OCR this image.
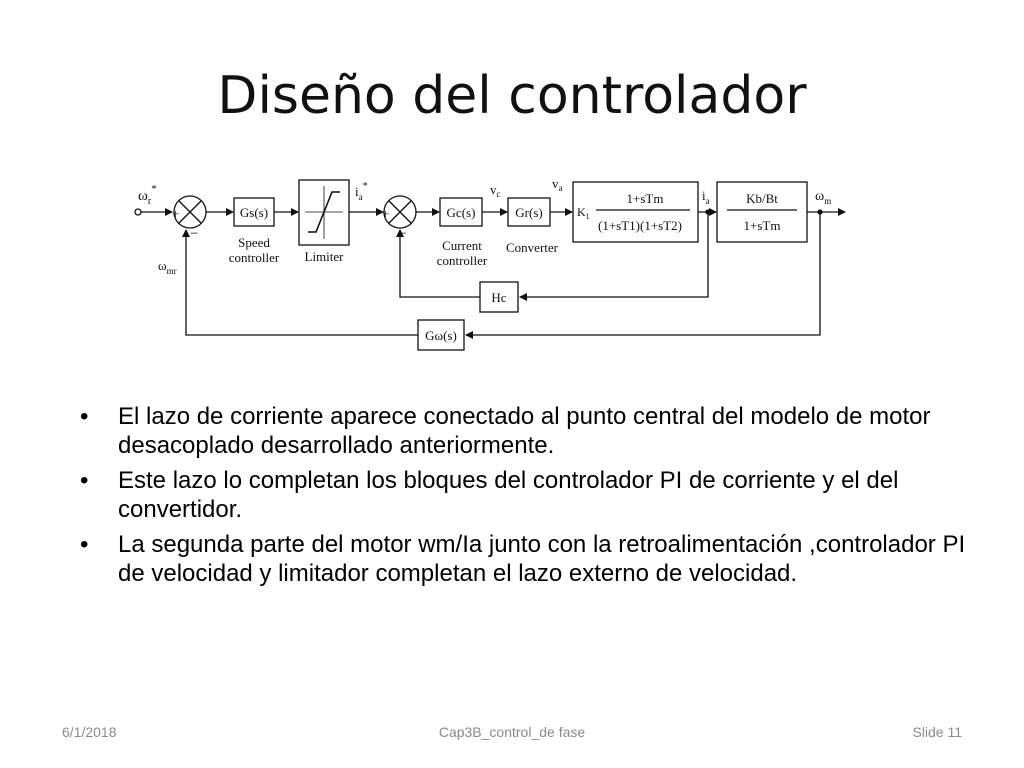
Diseño del controlador
+
−
+
−
$\omega_r^*$
$\omega_{mr}$
Gs(s)
Speed
controller Limiter
$i_a^*$
Gc(s)
Current
controller
$v_c$
$v_a$
Gr(s)
Converter
$K_1$
1+sTm
(1+sT1)(1+sT2)
$i_a$	Kb/Bt
1+sTm
$\omega_m$
Hc
Gω(s)
• El lazo de corriente aparece conectado al punto central del modelo de motor desacoplado desarrollado anteriormente.
• Este lazo lo completan los bloques del controlador PI de corriente y el del convertidor.
• La segunda parte del motor wm/Ia junto con la retroalimentación ,controlador PI de velocidad y limitador completan el lazo externo de velocidad.
6/1/2018	Cap3B_control_de fase	Slide 11
